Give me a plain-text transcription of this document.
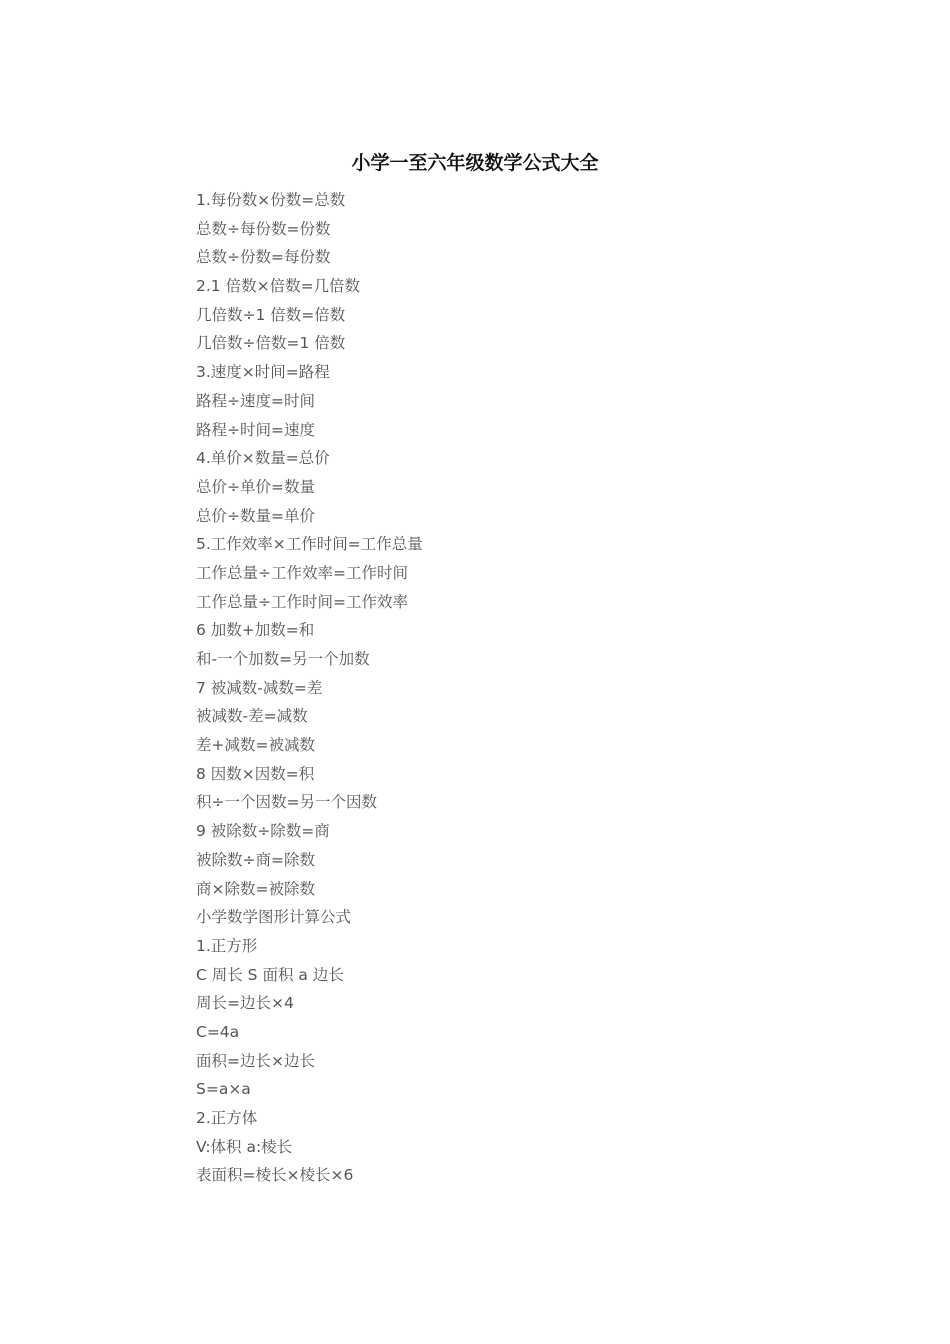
小学一至六年级数学公式大全
1.每份数×份数=总数
总数÷每份数=份数
总数÷份数=每份数
2.1 倍数×倍数=几倍数
几倍数÷1 倍数=倍数
几倍数÷倍数=1 倍数
3.速度×时间=路程
路程÷速度=时间
路程÷时间=速度
4.单价×数量=总价
总价÷单价=数量
总价÷数量=单价
5.工作效率×工作时间=工作总量
工作总量÷工作效率=工作时间
工作总量÷工作时间=工作效率
6 加数+加数=和
和-一个加数=另一个加数
7 被减数-减数=差
被减数-差=减数
差+减数=被减数
8 因数×因数=积
积÷一个因数=另一个因数
9 被除数÷除数=商
被除数÷商=除数
商×除数=被除数
小学数学图形计算公式
1.正方形
C 周长 S 面积 a 边长
周长=边长×4
C=4a
面积=边长×边长
S=a×a
2.正方体
V:体积 a:棱长
表面积=棱长×棱长×6
